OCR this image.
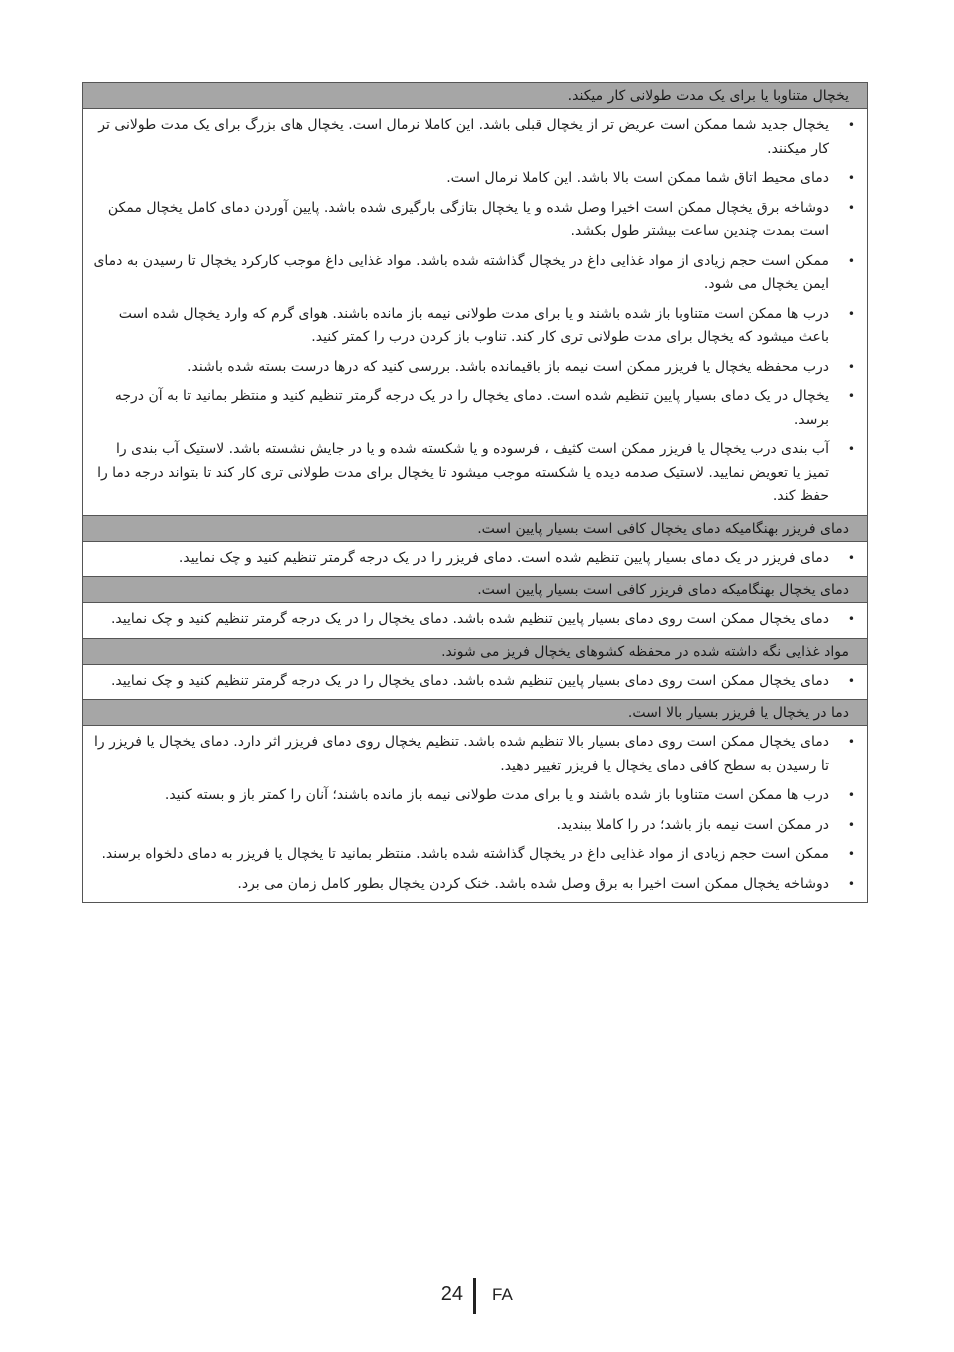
یخچال متناوبا یا برای یک مدت طولانی کار میکند.
•
یخچال جدید شما ممکن است عریض تر از یخچال قبلی باشد. این کاملا نرمال است. یخچال های بزرگ برای یک مدت طولانی تر کار میکنند.
•
دمای محیط اتاق شما ممکن است بالا باشد. این کاملا نرمال است.
•
دوشاخه برق یخچال ممکن است اخیرا وصل شده و یا یخچال بتازگی بارگیری شده باشد. پایین آوردن دمای کامل یخچال ممکن است بمدت چندین ساعت بیشتر طول بکشد.
•
ممکن است حجم زیادی از مواد غذایی داغ در یخچال گذاشته شده باشد. مواد غذایی داغ موجب کارکرد یخچال تا رسیدن به دمای ایمن یخچال می شود.
•
درب ها ممکن است متناوبا باز شده باشند و یا برای مدت طولانی نیمه باز مانده باشند. هوای گرم که وارد یخچال شده است باعث میشود که یخچال برای مدت طولانی تری کار کند. تناوب باز کردن درب را کمتر کنید.
•
درب محفظه یخچال یا فریزر ممکن است نیمه باز باقیمانده باشد. بررسی کنید که درها درست بسته شده باشند.
•
یخچال در یک دمای بسیار پایین تنظیم شده است. دمای یخچال را در یک درجه گرمتر تنظیم کنید و منتظر بمانید تا به آن درجه برسد.
•
آب بندی درب یخچال یا فریزر ممکن است کثیف ، فرسوده و یا شکسته شده و یا در جایش نشسته باشد. لاستیک آب بندی را تمیز یا تعویض نمایید. لاستیک صدمه دیده یا شکسته موجب میشود تا یخچال برای مدت طولانی تری کار کند تا بتواند درجه دما را حفظ کند.
دمای فریزر بهنگامیکه دمای یخچال کافی است بسیار پایین است.
•
دمای فریزر در یک دمای بسیار پایین تنظیم شده است. دمای فریزر را در یک درجه گرمتر تنظیم کنید و چک نمایید.
دمای یخچال بهنگامیکه دمای فریزر کافی است بسیار پایین است.
•
دمای یخچال ممکن است روی دمای بسیار پایین تنظیم شده باشد. دمای یخچال را در یک درجه گرمتر تنظیم کنید و چک نمایید.
مواد غذایی نگه داشته شده در محفظه کشوهای یخچال فریز می شوند.
•
دمای یخچال ممکن است روی دمای بسیار پایین تنظیم شده باشد. دمای یخچال را در یک درجه گرمتر تنظیم کنید و چک نمایید.
دما در یخچال یا فریزر بسیار بالا است.
•
دمای یخچال ممکن است روی دمای بسیار بالا تنظیم شده باشد. تنظیم یخچال روی دمای فریزر اثر دارد. دمای یخچال یا فریزر را تا رسیدن به سطح کافی دمای یخچال یا فریزر تغییر دهید.
•
درب ها ممکن است متناوبا باز شده باشند و یا برای مدت طولانی نیمه باز مانده باشند؛ آنان را کمتر باز و بسته کنید.
•
در ممکن است نیمه باز باشد؛ در را کاملا ببندید.
•
ممکن است حجم زیادی از مواد غذایی داغ در یخچال گذاشته شده باشد. منتظر بمانید تا یخچال یا فریزر به دمای دلخواه برسند.
•
دوشاخه یخچال ممکن است اخیرا به برق وصل شده باشد. خنک کردن یخچال بطور کامل زمان می برد.
24 FA
